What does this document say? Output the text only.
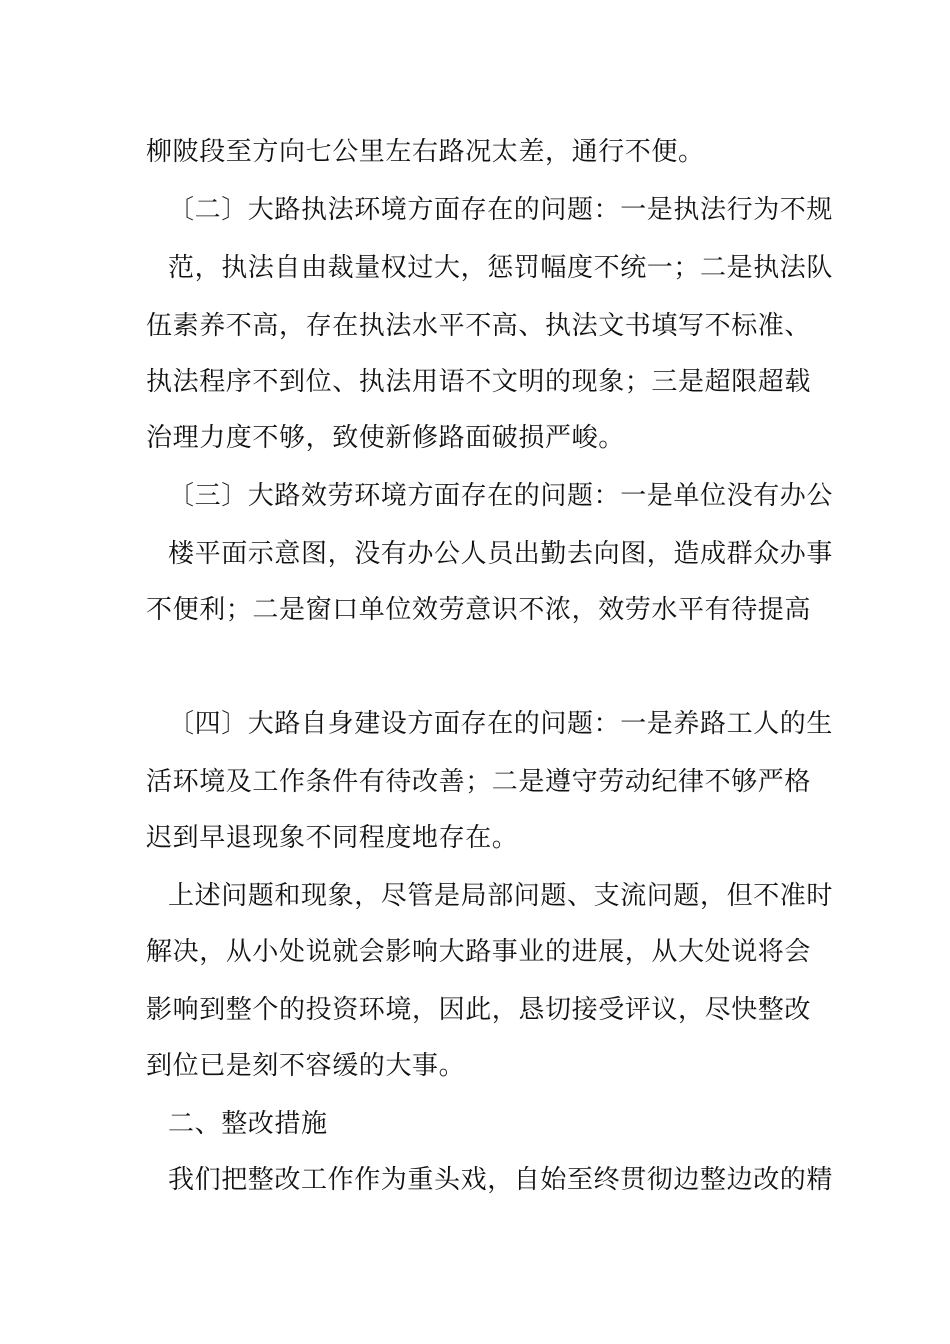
柳陂段至方向七公里左右路况太差，通行不便。
〔二〕大路执法环境方面存在的问题：一是执法行为不规
范，执法自由裁量权过大，惩罚幅度不统一；二是执法队
伍素养不高，存在执法水平不高、执法文书填写不标准、
执法程序不到位、执法用语不文明的现象；三是超限超载
治理力度不够，致使新修路面破损严峻。
〔三〕大路效劳环境方面存在的问题：一是单位没有办公
楼平面示意图，没有办公人员出勤去向图，造成群众办事
不便利；二是窗口单位效劳意识不浓，效劳水平有待提高
〔四〕大路自身建设方面存在的问题：一是养路工人的生
活环境及工作条件有待改善；二是遵守劳动纪律不够严格
迟到早退现象不同程度地存在。
上述问题和现象，尽管是局部问题、支流问题，但不准时
解决，从小处说就会影响大路事业的进展，从大处说将会
影响到整个的投资环境，因此，恳切接受评议，尽快整改
到位已是刻不容缓的大事。
二、整改措施
我们把整改工作作为重头戏，自始至终贯彻边整边改的精
